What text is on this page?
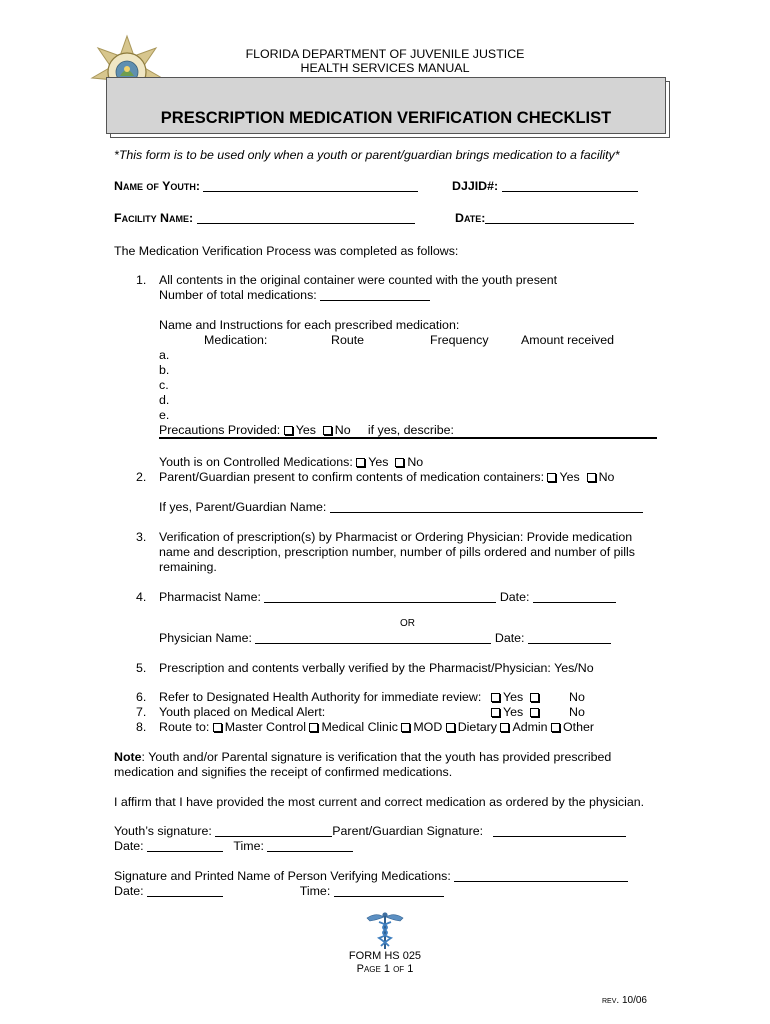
FLORIDA DEPARTMENT OF JUVENILE JUSTICE
HEALTH SERVICES MANUAL
PRESCRIPTION MEDICATION VERIFICATION CHECKLIST
*This form is to be used only when a youth or parent/guardian brings medication to a facility*
Name of Youth:	DJJID#:
Facility Name:	Date:
The Medication Verification Process was completed as follows:
1. All contents in the original container were counted with the youth present
Number of total medications:
Name and Instructions for each prescribed medication:
Medication:	Route	Frequency	Amount received
a.
b.
c.
d.
e.
Precautions Provided: Yes No if yes, describe:
Youth is on Controlled Medications: Yes No
2. Parent/Guardian present to confirm contents of medication containers: Yes No
If yes, Parent/Guardian Name:
3. Verification of prescription(s) by Pharmacist or Ordering Physician: Provide medication
name and description, prescription number, number of pills ordered and number of pills
remaining.
4. Pharmacist Name:	Date:
OR
Physician Name:	Date:
5. Prescription and contents verbally verified by the Pharmacist/Physician: Yes/No
6. Refer to Designated Health Authority for immediate review:	Yes	No
7. Youth placed on Medical Alert:	Yes	No
8. Route to: Master Control Medical Clinic MOD Dietary Admin Other
Note: Youth and/or Parental signature is verification that the youth has provided prescribed
medication and signifies the receipt of confirmed medications.
I affirm that I have provided the most current and correct medication as ordered by the physician.
Youth’s signature:	Parent/Guardian Signature:
Date:	Time:
Signature and Printed Name of Person Verifying Medications:
Date:	Time:
FORM HS 025
Page 1 of 1
rev. 10/06
